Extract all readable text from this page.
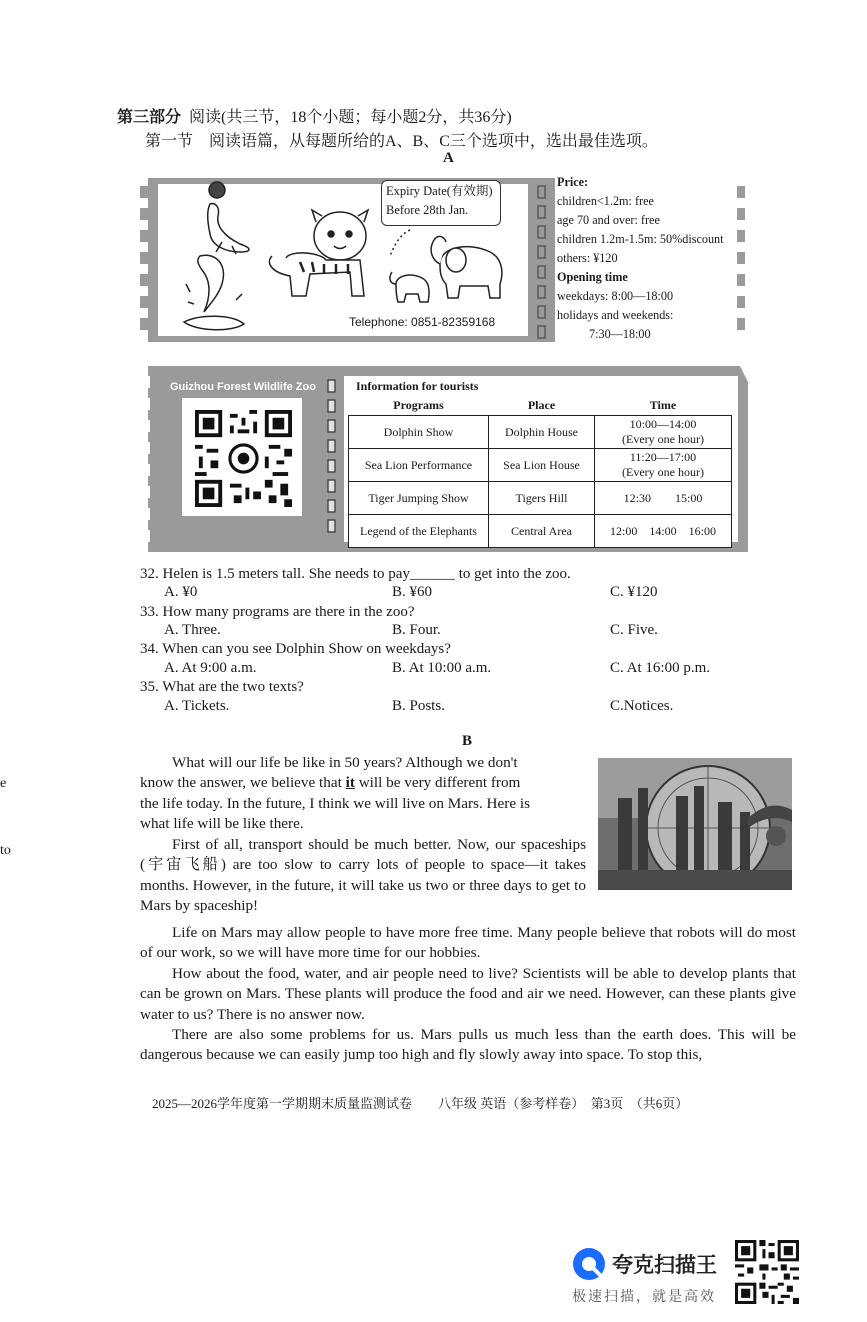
第三部分 阅读(共三节，18个小题；每小题2分，共36分)
第一节　阅读语篇，从每题所给的A、B、C三个选项中，选出最佳选项。
A
Expiry Date(有效期)
Before 28th Jan.
Telephone: 0851-82359168
Price:
children<1.2m: free
age 70 and over: free
children 1.2m-1.5m: 50%discount
others: ¥120
Opening time
weekdays: 8:00—18:00
holidays and weekends:
7:30—18:00
Guizhou Forest Wildlife Zoo	Information for tourists
Programs	Place	Time
Dolphin Show	Dolphin House	10:00—14:00
(Every one hour)

Sea Lion Performance	Sea Lion House	11:20—17:00
(Every one hour)

Tiger Jumping Show	Tigers Hill	12:30　　15:00
Legend of the Elephants	Central Area	12:00　14:00　16:00
32. Helen is 1.5 meters tall. She needs to pay______ to get into the zoo.
A. ¥0	B. ¥60	C. ¥120
33. How many programs are there in the zoo?
A. Three.	B. Four.	C. Five.
34. When can you see Dolphin Show on weekdays?
A. At 9:00 a.m.	B. At 10:00 a.m.	C. At 16:00 p.m.
35. What are the two texts?
A. Tickets.	B. Posts.	C.Notices.
B

What will our life be like in 50 years? Although we don't

know the answer, we believe that it will be very different from

the life today. In the future, I think we will live on Mars. Here is

what life will be like there.

First of all, transport should be much better. Now, our spaceships (宇宙飞船) are too slow to carry lots of people to space—it takes months. However, in the future, it will take us two or three days to get to Mars by spaceship!
Life on Mars may allow people to have more free time. Many people believe that robots will do most of our work, so we will have more time for our hobbies.
How about the food, water, and air people need to live? Scientists will be able to develop plants that can be grown on Mars. These plants will produce the food and air we need. However, can these plants give water to us? There is no answer now.
There are also some problems for us. Mars pulls us much less than the earth does. This will be dangerous because we can easily jump too high and fly slowly away into space. To stop this,
e
to
2025—2026学年度第一学期期末质量监测试卷　　八年级 英语（参考样卷）　第3页　（共6页）
夸克扫描王
极速扫描，就是高效
